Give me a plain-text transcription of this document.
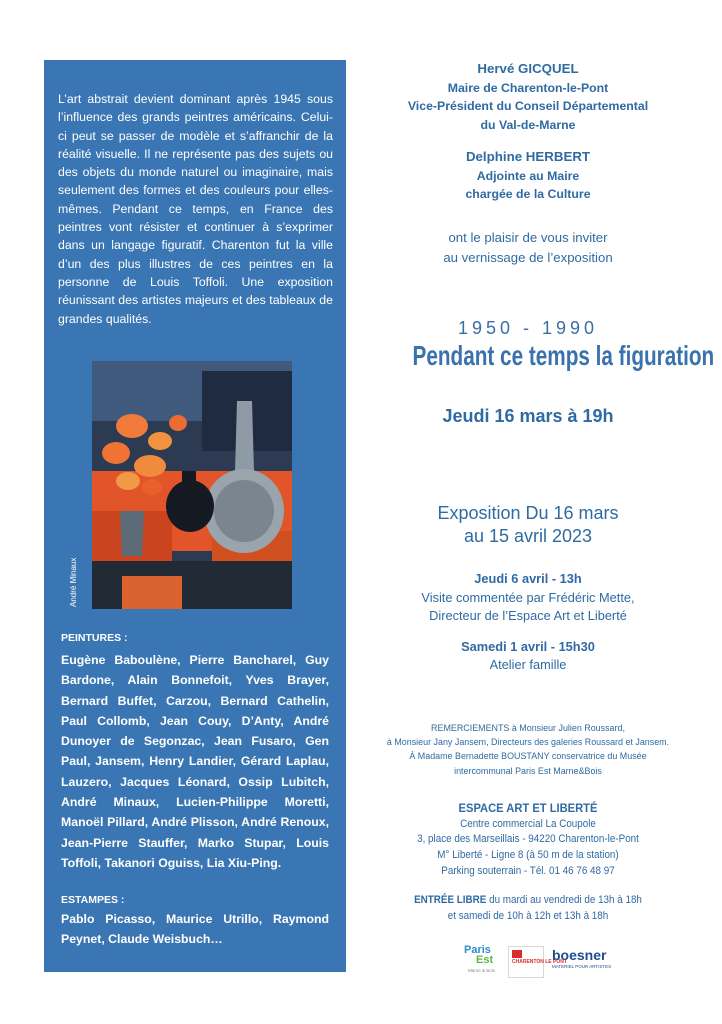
L’art abstrait devient dominant après 1945 sous l’influence des grands peintres américains. Celui-ci peut se passer de modèle et s’affranchir de la réalité visuelle. Il ne représente pas des sujets ou des objets du monde naturel ou imaginaire, mais seulement des formes et des couleurs pour elles-mêmes. Pendant ce temps, en France des peintres vont résister et continuer à s’exprimer dans un langage figuratif. Charenton fut la ville d’un des plus illustres de ces peintres en la personne de Louis Toffoli. Une exposition réunissant des artistes majeurs et des tableaux de grandes qualités.

André Minaux
PEINTURES :

Eugène Baboulène, Pierre Bancharel, Guy Bardone, Alain Bonnefoit, Yves Brayer, Bernard Buffet, Carzou, Bernard Cathelin, Paul Collomb, Jean Couy, D’Anty, André Dunoyer de Segonzac, Jean Fusaro, Gen Paul, Jansem, Henry Landier, Gérard Laplau, Lauzero, Jacques Léonard, Ossip Lubitch, André Minaux, Lucien-Philippe Moretti, Manoël Pillard, André Plisson, André Renoux, Jean-Pierre Stauffer, Marko Stupar, Louis Toffoli, Takanori Oguiss, Lia Xiu-Ping.

ESTAMPES :

Pablo Picasso, Maurice Utrillo, Raymond Peynet, Claude Weisbuch…

Hervé GICQUEL
Maire de Charenton-le-Pont
Vice-Président du Conseil Départemental
du Val-de-Marne
Delphine HERBERT
Adjointe au Maire
chargée de la Culture
ont le plaisir de vous inviter
au vernissage de l’exposition
1950 - 1990
Pendant ce temps la figuration
Jeudi 16 mars à 19h
Exposition Du 16 mars
au 15 avril 2023
Jeudi 6 avril - 13h
Visite commentée par Frédéric Mette,
Directeur de l’Espace Art et Liberté
Samedi 1 avril - 15h30
Atelier famille
REMERCIEMENTS à Monsieur Julien Roussard,
à Monsieur Jany Jansem, Directeurs des galeries Roussard et Jansem.
À Madame Bernadette BOUSTANY conservatrice du Musée
intercommunal Paris Est Marne&Bois
ESPACE ART ET LIBERTÉ
Centre commercial La Coupole
3, place des Marseillais - 94220 Charenton-le-Pont
M° Liberté - Ligne 8 (à 50 m de la station)
Parking souterrain - Tél. 01 46 76 48 97
ENTRÉE LIBRE du mardi au vendredi de 13h à 18h
et samedi de 10h à 12h et 13h à 18h
Paris
Est
Marne & Bois
CHARENTON LE PONT
boesner
MATERIEL POUR ARTISTES
